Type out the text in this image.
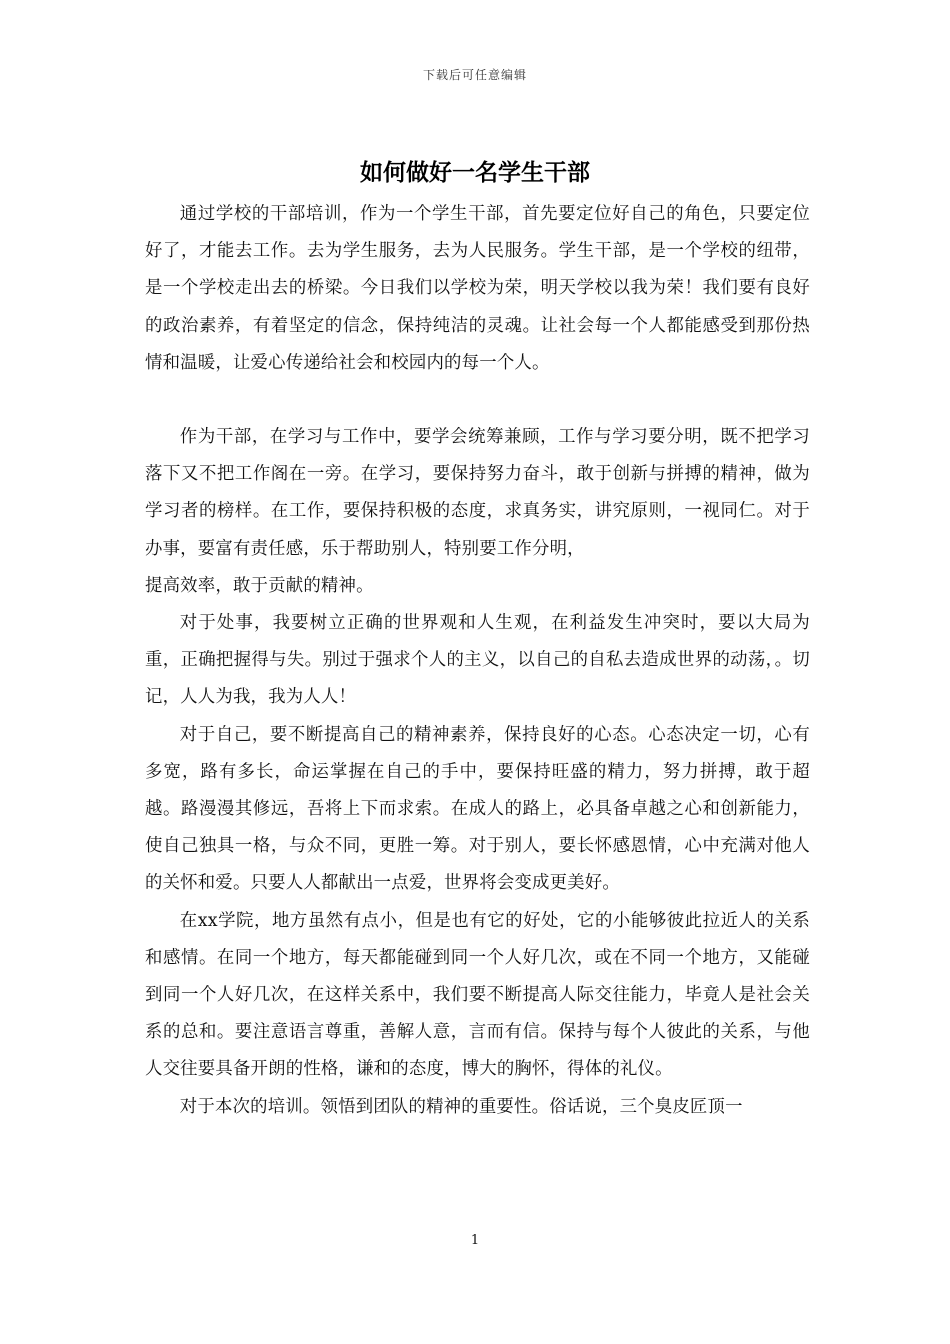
下载后可任意编辑
如何做好一名学生干部

通过学校的干部培训，作为一个学生干部，首先要定位好自己的角色，只要定位好了，才能去工作。去为学生服务，去为人民服务。学生干部，是一个学校的纽带，是一个学校走出去的桥梁。今日我们以学校为荣，明天学校以我为荣！我们要有良好的政治素养，有着坚定的信念，保持纯洁的灵魂。让社会每一个人都能感受到那份热情和温暖，让爱心传递给社会和校园内的每一个人。

作为干部，在学习与工作中，要学会统筹兼顾，工作与学习要分明，既不把学习落下又不把工作阁在一旁。在学习，要保持努力奋斗，敢于创新与拼搏的精神，做为学习者的榜样。在工作，要保持积极的态度，求真务实，讲究原则，一视同仁。对于办事，要富有责任感，乐于帮助别人，特别要工作分明，
提高效率，敢于贡献的精神。

对于处事，我要树立正确的世界观和人生观，在利益发生冲突时，要以大局为重，正确把握得与失。别过于强求个人的主义，以自己的自私去造成世界的动荡，。切记，人人为我，我为人人！

对于自己，要不断提高自己的精神素养，保持良好的心态。心态决定一切，心有多宽，路有多长，命运掌握在自己的手中，要保持旺盛的精力，努力拼搏，敢于超越。路漫漫其修远，吾将上下而求索。在成人的路上，必具备卓越之心和创新能力，使自己独具一格，与众不同，更胜一筹。对于别人，要长怀感恩情，心中充满对他人的关怀和爱。只要人人都献出一点爱，世界将会变成更美好。

在xx学院，地方虽然有点小，但是也有它的好处，它的小能够彼此拉近人的关系和感情。在同一个地方，每天都能碰到同一个人好几次，或在不同一个地方，又能碰到同一个人好几次，在这样关系中，我们要不断提高人际交往能力，毕竟人是社会关系的总和。要注意语言尊重，善解人意，言而有信。保持与每个人彼此的关系，与他人交往要具备开朗的性格，谦和的态度，博大的胸怀，得体的礼仪。

对于本次的培训。领悟到团队的精神的重要性。俗话说，三个臭皮匠顶一

1
